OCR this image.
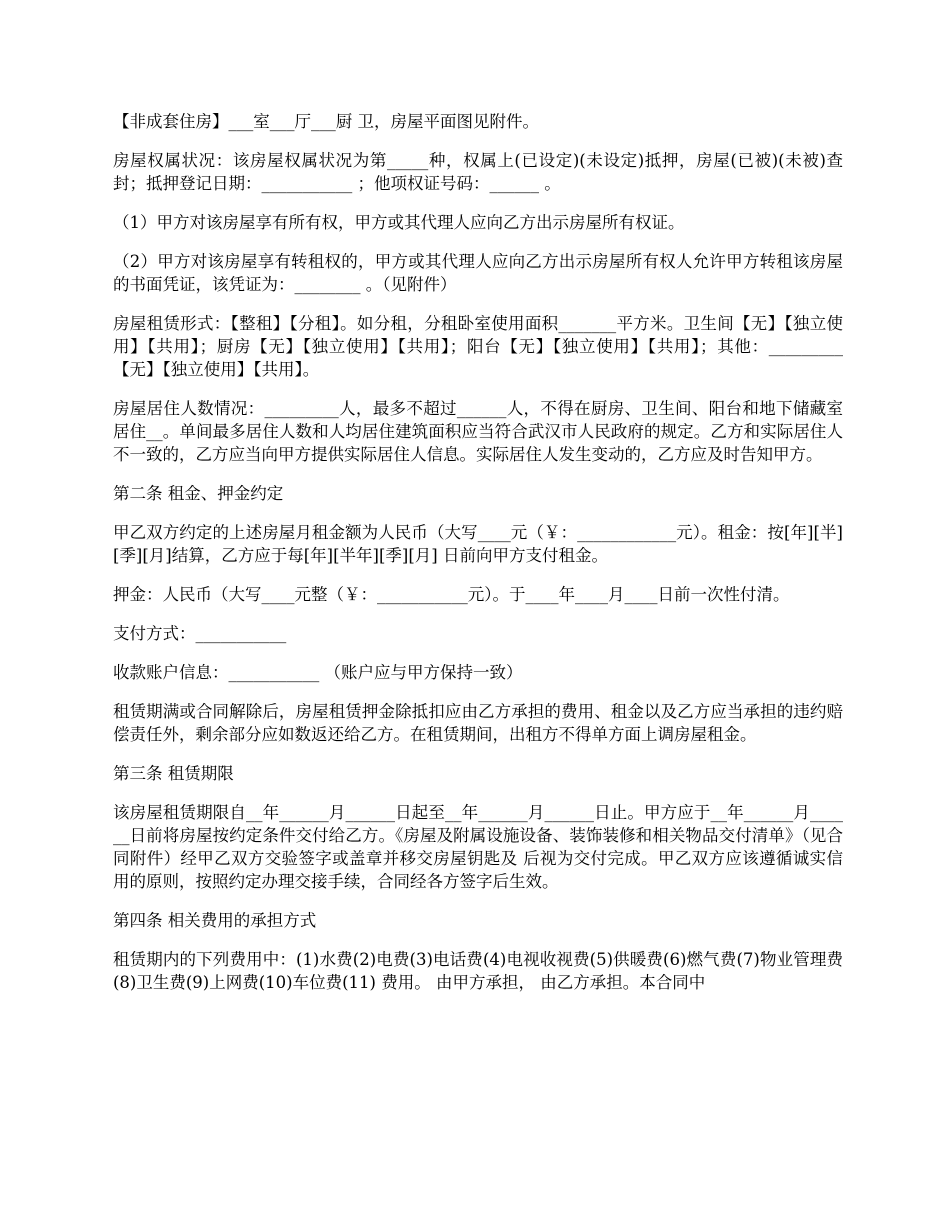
【非成套住房】___室___厅___厨 卫，房屋平面图见附件。

房屋权属状况：该房屋权属状况为第_____种，权属上(已设定)(未设定)抵押，房屋(已被)(未被)查封；抵押登记日期：___________ ；他项权证号码：______ 。

（1）甲方对该房屋享有所有权，甲方或其代理人应向乙方出示房屋所有权证。

（2）甲方对该房屋享有转租权的，甲方或其代理人应向乙方出示房屋所有权人允许甲方转租该房屋的书面凭证，该凭证为：________ 。（见附件）

房屋租赁形式：【整租】【分租】。如分租，分租卧室使用面积_______平方米。卫生间【无】【独立使用】【共用】；厨房【无】【独立使用】【共用】；阳台【无】【独立使用】【共用】；其他：_________【无】【独立使用】【共用】。

房屋居住人数情况：_________人，最多不超过______人，不得在厨房、卫生间、阳台和地下储藏室居住__。单间最多居住人数和人均居住建筑面积应当符合武汉市人民政府的规定。乙方和实际居住人不一致的，乙方应当向甲方提供实际居住人信息。实际居住人发生变动的，乙方应及时告知甲方。

第二条 租金、押金约定

甲乙双方约定的上述房屋月租金额为人民币（大写____元（￥：____________元）。租金：按[年][半][季][月]结算，乙方应于每[年][半年][季][月] 日前向甲方支付租金。

押金：人民币（大写____元整（￥：___________元）。于____年____月____日前一次性付清。

支付方式：___________

收款账户信息：___________ （账户应与甲方保持一致）

租赁期满或合同解除后，房屋租赁押金除抵扣应由乙方承担的费用、租金以及乙方应当承担的违约赔偿责任外，剩余部分应如数返还给乙方。在租赁期间，出租方不得单方面上调房屋租金。

第三条 租赁期限

该房屋租赁期限自__年______月______日起至__年______月______日止。甲方应于__年______月______日前将房屋按约定条件交付给乙方。《房屋及附属设施设备、装饰装修和相关物品交付清单》（见合同附件）经甲乙双方交验签字或盖章并移交房屋钥匙及 后视为交付完成。甲乙双方应该遵循诚实信用的原则，按照约定办理交接手续，合同经各方签字后生效。

第四条 相关费用的承担方式

租赁期内的下列费用中：(1)水费(2)电费(3)电话费(4)电视收视费(5)供暖费(6)燃气费(7)物业管理费(8)卫生费(9)上网费(10)车位费(11) 费用。 由甲方承担， 由乙方承担。本合同中
